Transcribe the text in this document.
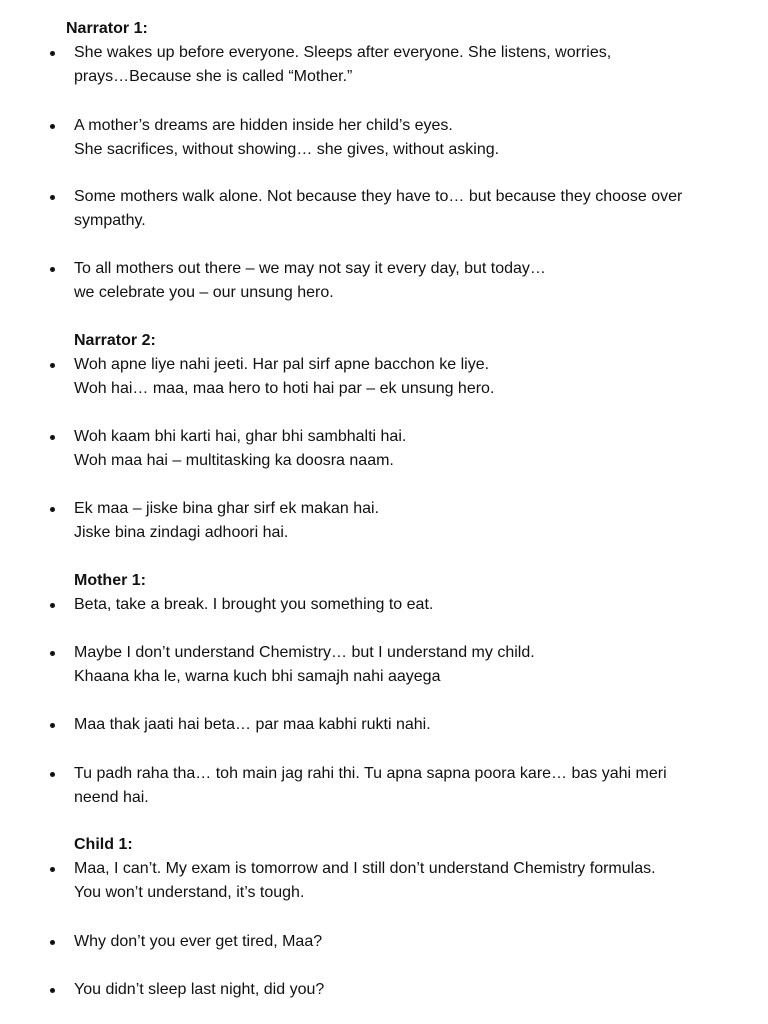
Narrator 1:
She wakes up before everyone. Sleeps after everyone. She listens, worries,
prays…Because she is called “Mother.”
A mother’s dreams are hidden inside her child’s eyes.
She sacrifices, without showing… she gives, without asking.
Some mothers walk alone. Not because they have to… but because they choose over
sympathy.
To all mothers out there – we may not say it every day, but today…
we celebrate you – our unsung hero.
Narrator 2:
Woh apne liye nahi jeeti. Har pal sirf apne bacchon ke liye.
Woh hai… maa, maa hero to hoti hai par – ek unsung hero.
Woh kaam bhi karti hai, ghar bhi sambhalti hai.
Woh maa hai – multitasking ka doosra naam.
Ek maa – jiske bina ghar sirf ek makan hai.
Jiske bina zindagi adhoori hai.
Mother 1:
Beta, take a break. I brought you something to eat.
Maybe I don’t understand Chemistry… but I understand my child.
Khaana kha le, warna kuch bhi samajh nahi aayega
Maa thak jaati hai beta… par maa kabhi rukti nahi.
Tu padh raha tha… toh main jag rahi thi. Tu apna sapna poora kare… bas yahi meri
neend hai.
Child 1:
Maa, I can’t. My exam is tomorrow and I still don’t understand Chemistry formulas.
You won’t understand, it’s tough.
Why don’t you ever get tired, Maa?
You didn’t sleep last night, did you?
